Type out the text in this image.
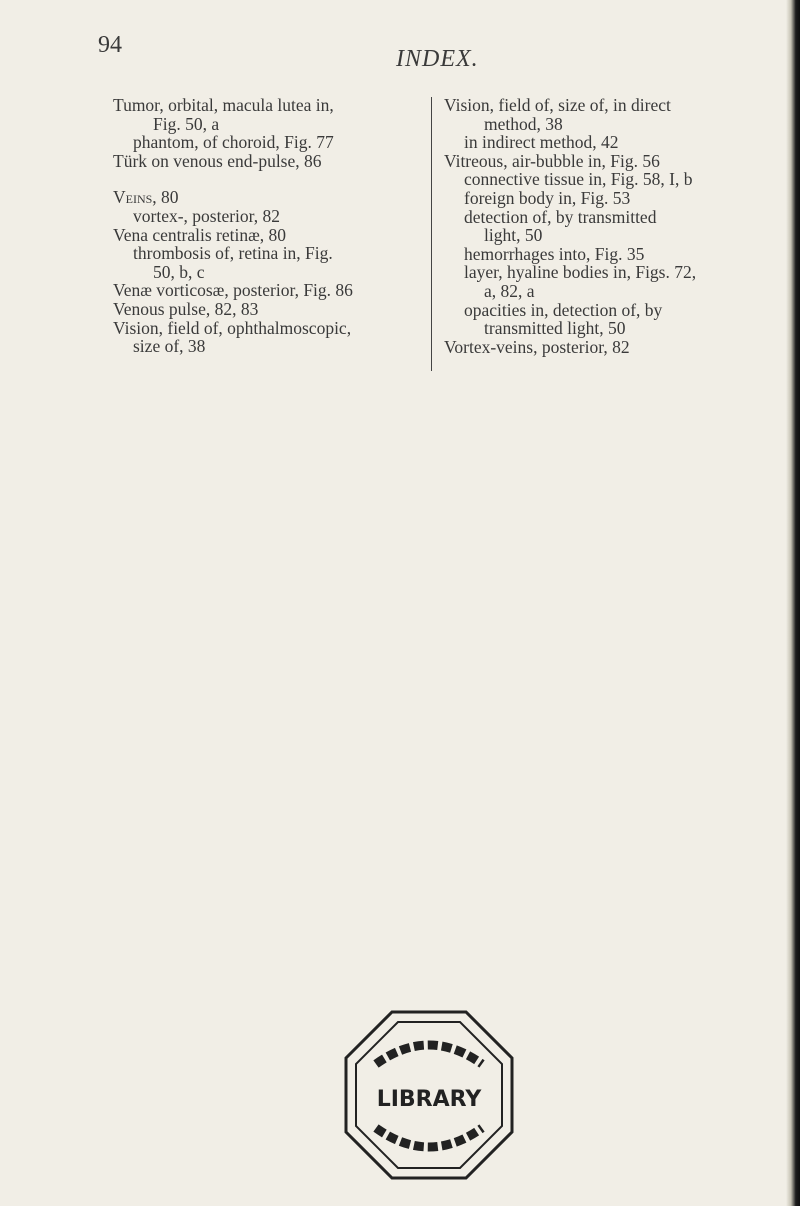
94
INDEX.
Tumor, orbital, macula lutea in,
Fig. 50, a
phantom, of choroid, Fig. 77
Türk on venous end-pulse, 86
Veins, 80
vortex-, posterior, 82
Vena centralis retinæ, 80
thrombosis of, retina in, Fig.
50, b, c
Venæ vorticosæ, posterior, Fig. 86
Venous pulse, 82, 83
Vision, field of, ophthalmoscopic,
size of, 38
Vision, field of, size of, in direct
method, 38
in indirect method, 42
Vitreous, air-bubble in, Fig. 56
connective tissue in, Fig. 58, I, b
foreign body in, Fig. 53
detection of, by transmitted
light, 50
hemorrhages into, Fig. 35
layer, hyaline bodies in, Figs. 72,
a, 82, a
opacities in, detection of, by
transmitted light, 50
Vortex-veins, posterior, 82
LIBRARY
